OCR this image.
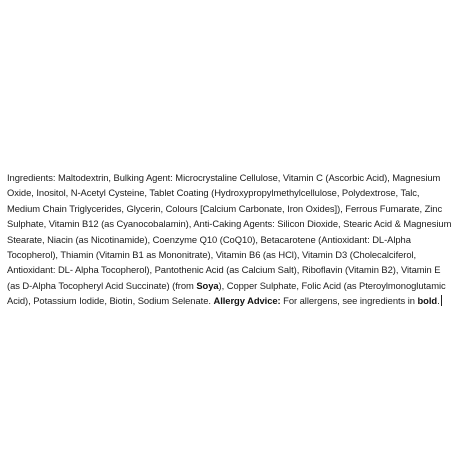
Ingredients: Maltodextrin, Bulking Agent: Microcrystaline Cellulose, Vitamin C (Ascorbic Acid), Magnesium Oxide, Inositol, N-Acetyl Cysteine, Tablet Coating (Hydroxypropylmethylcellulose, Polydextrose, Talc, Medium Chain Triglycerides, Glycerin, Colours [Calcium Carbonate, Iron Oxides]), Ferrous Fumarate, Zinc Sulphate, Vitamin B12 (as Cyanocobalamin), Anti-Caking Agents: Silicon Dioxide, Stearic Acid & Magnesium Stearate, Niacin (as Nicotinamide), Coenzyme Q10 (CoQ10), Betacarotene (Antioxidant: DL-Alpha Tocopherol), Thiamin (Vitamin B1 as Mononitrate), Vitamin B6 (as HCl), Vitamin D3 (Cholecalciferol, Antioxidant: DL- Alpha Tocopherol), Pantothenic Acid (as Calcium Salt), Riboflavin (Vitamin B2), Vitamin E (as D-Alpha Tocopheryl Acid Succinate) (from Soya), Copper Sulphate, Folic Acid (as Pteroylmonoglutamic Acid), Potassium Iodide, Biotin, Sodium Selenate. Allergy Advice: For allergens, see ingredients in bold.
